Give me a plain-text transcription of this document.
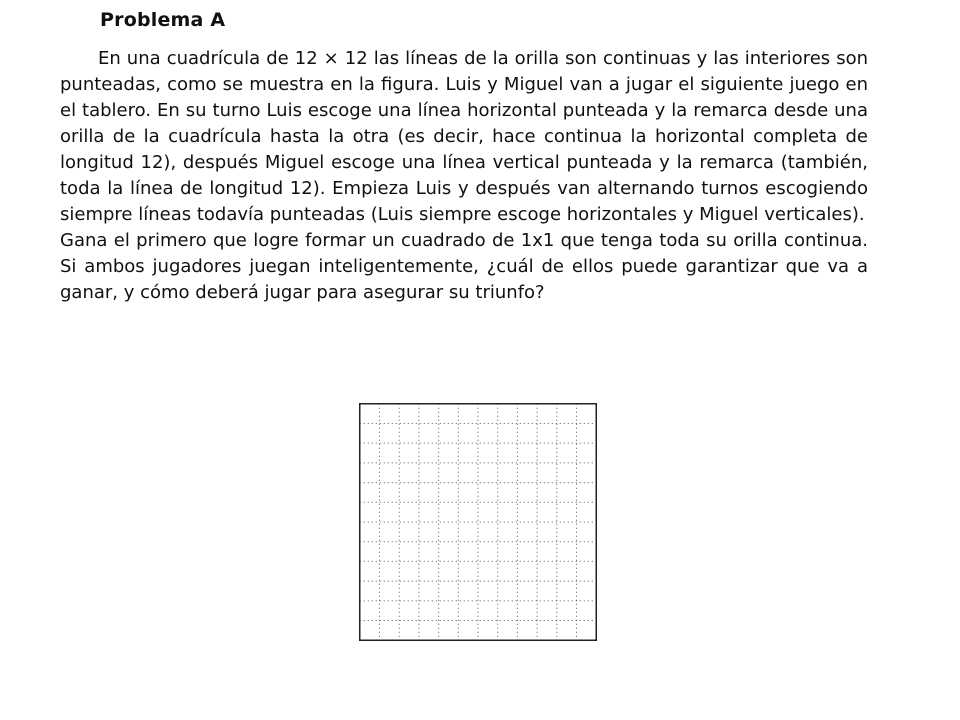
Problema A

En una cuadrícula de 12 × 12 las líneas de la orilla son continuas y las interiores son punteadas, como se muestra en la figura. Luis y Miguel van a jugar el siguiente juego en el tablero. En su turno Luis escoge una línea horizontal punteada y la remarca desde una orilla de la cuadrícula hasta la otra (es decir, hace continua la horizontal completa de longitud 12), después Miguel escoge una línea vertical punteada y la remarca (también, toda la línea de longitud 12). Empieza Luis y después van alternando turnos escogiendo siempre líneas todavía punteadas (Luis siempre escoge horizontales y Miguel verticales).

Gana el primero que logre formar un cuadrado de 1x1 que tenga toda su orilla continua. Si ambos jugadores juegan inteligentemente, ¿cuál de ellos puede garantizar que va a ganar, y cómo deberá jugar para asegurar su triunfo?
